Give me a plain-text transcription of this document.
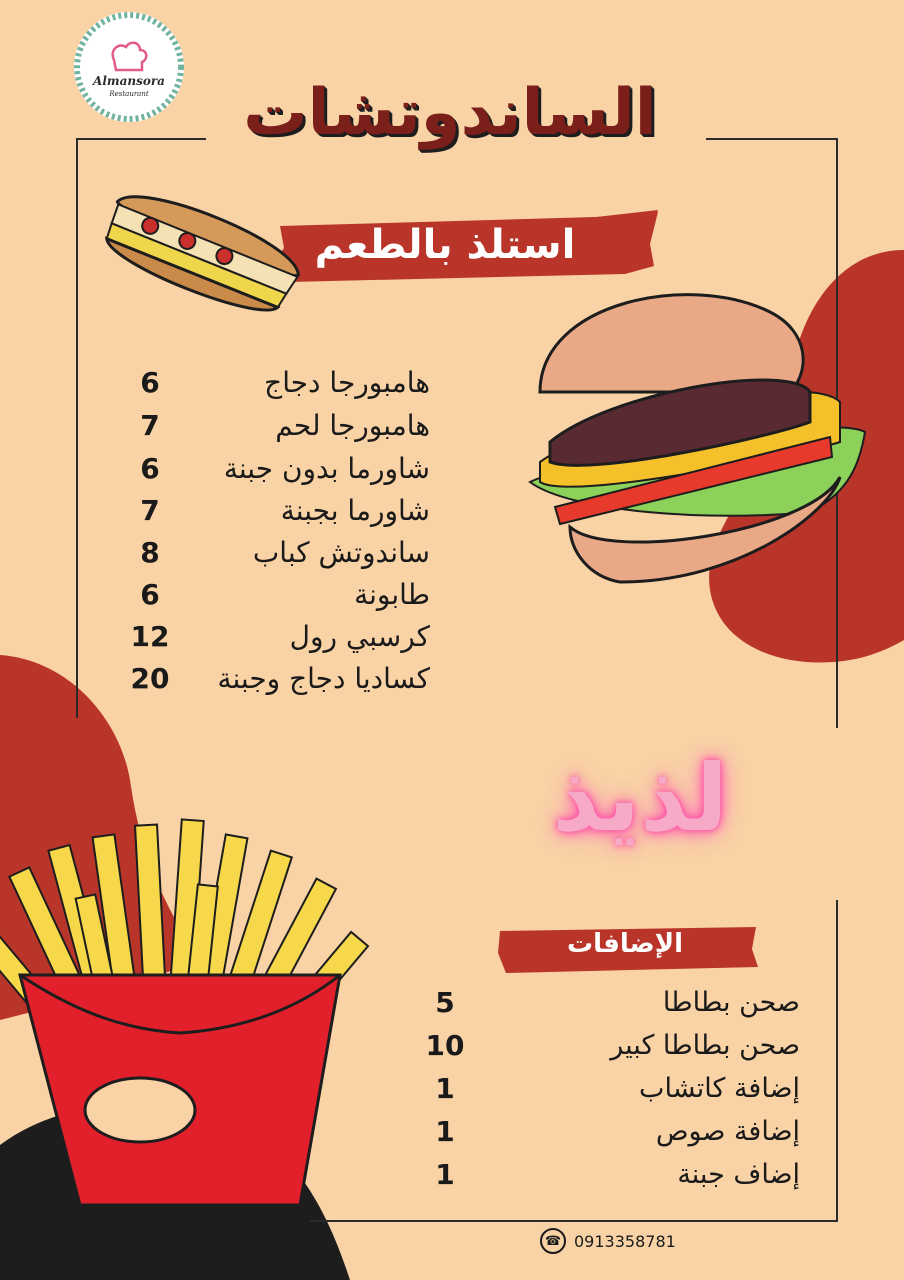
Almansora
Restaurant	الساندوتشات
استلذ بالطعم
6	هامبورجا دجاج
7	هامبورجا لحم
6	شاورما بدون جبنة
7	شاورما بجبنة
8	ساندوتش كباب
6	طابونة
12	كرسبي رول
20	كساديا دجاج وجبنة
لذيذ
الإضافات
5	صحن بطاطا
10	صحن بطاطا كبير
1	إضافة كاتشاب
1	إضافة صوص
1	إضاف جبنة
☎ 0913358781
